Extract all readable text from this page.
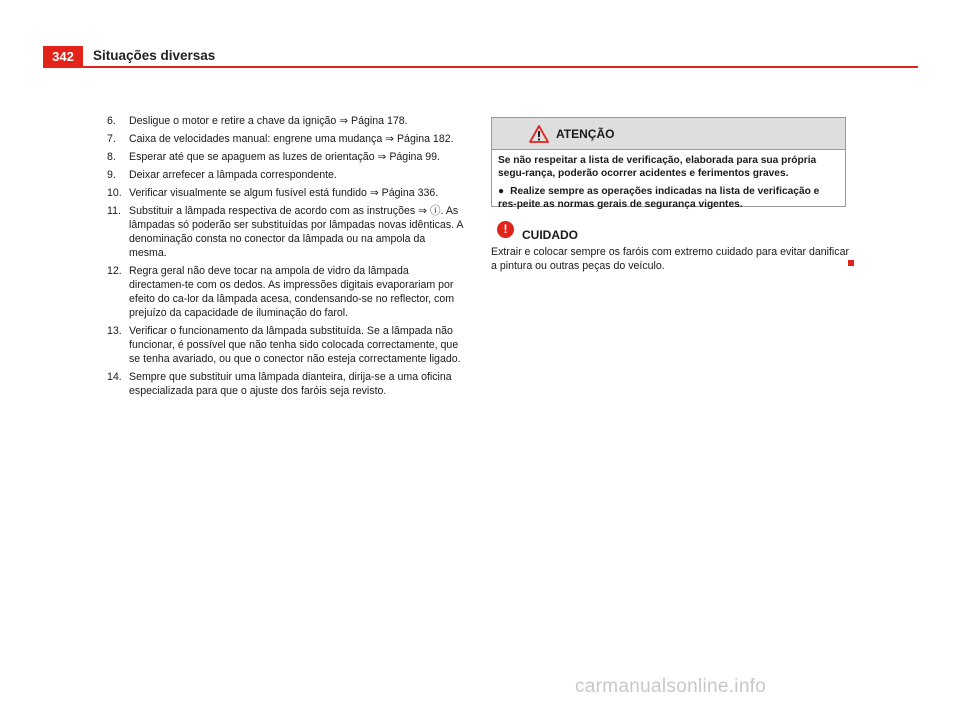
342	Situações diversas
6. Desligue o motor e retire a chave da ignição ⇒ Página 178.
7. Caixa de velocidades manual: engrene uma mudança ⇒ Página 182.
8. Esperar até que se apaguem as luzes de orientação ⇒ Página 99.
9. Deixar arrefecer a lâmpada correspondente.
10. Verificar visualmente se algum fusível está fundido ⇒ Página 336.
11. Substituir a lâmpada respectiva de acordo com as instruções ⇒ ⓘ. As lâmpadas só poderão ser substituídas por lâmpadas novas idênticas. A denominação consta no conector da lâmpada ou na ampola da mesma.
12. Regra geral não deve tocar na ampola de vidro da lâmpada directamen-te com os dedos. As impressões digitais evaporariam por efeito do ca-lor da lâmpada acesa, condensando-se no reflector, com prejuízo da capacidade de iluminação do farol.
13. Verificar o funcionamento da lâmpada substituída. Se a lâmpada não funcionar, é possível que não tenha sido colocada correctamente, que se tenha avariado, ou que o conector não esteja correctamente ligado.
14. Sempre que substituir uma lâmpada dianteira, dirija-se a uma oficina especializada para que o ajuste dos faróis seja revisto.
ATENÇÃO

Se não respeitar a lista de verificação, elaborada para sua própria segu-rança, poderão ocorrer acidentes e ferimentos graves.

● Realize sempre as operações indicadas na lista de verificação e res-peite as normas gerais de segurança vigentes.

!	CUIDADO

Extrair e colocar sempre os faróis com extremo cuidado para evitar danificar a pintura ou outras peças do veículo.

carmanualsonline.info
